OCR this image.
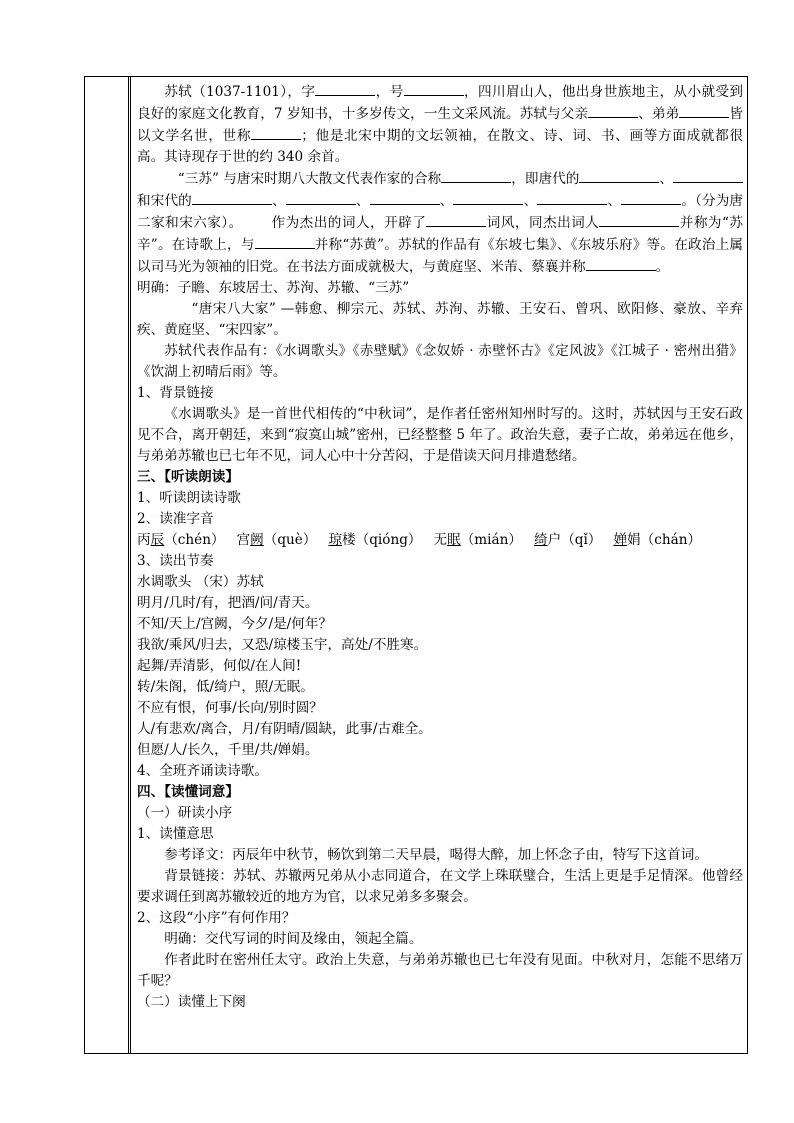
苏轼（1037-1101），字	，号	，四川眉山人，他出身世族地主，从小就受到良好的家庭文化教育，7 岁知书，十多岁传文，一生文采风流。苏轼与父亲	、弟弟	皆以文学名世，世称	；他是北宋中期的文坛领袖，在散文、诗、词、书、画等方面成就都很高。其诗现存于世的约 340 余首。

“三苏” 与唐宋时期八大散文代表作家的合称	，即唐代的	、和宋代的	、	、	、	、	、	。（分为唐二家和宋六家）。 作为杰出的词人，开辟了	词风，同杰出词人	并称为“苏辛”。在诗歌上，与	并称“苏黄”。苏轼的作品有《东坡七集》、《东坡乐府》等。在政治上属以司马光为领袖的旧党。在书法方面成就极大，与黄庭坚、米芾、蔡襄并称	。

明确：子瞻、东坡居士、苏洵、苏辙、“三苏”

“唐宋八大家” —韩愈、柳宗元、苏轼、苏洵、苏辙、王安石、曾巩、欧阳修、豪放、辛弃疾、黄庭坚、“宋四家”。

苏轼代表作品有：《水调歌头》《赤壁赋》《念奴娇 · 赤壁怀古》《定风波》《江城子 · 密州出猎》《饮湖上初晴后雨》等。

1、背景链接

《水调歌头》是一首世代相传的“中秋词”，是作者任密州知州时写的。这时，苏轼因与王安石政见不合，离开朝廷，来到“寂寞山城”密州，已经整整 5 年了。政治失意，妻子亡故，弟弟远在他乡，与弟弟苏辙也已七年不见，词人心中十分苦闷，于是借读天问月排遣愁绪。

三、【听读朗读】

1、听读朗读诗歌

2、读准字音

丙辰（chén） 宫阙（què） 琼楼（qióng） 无眠（mián） 绮户（qǐ） 婵娟（chán）

3、读出节奏

水调歌头 （宋）苏轼

明月/几时/有，把酒/问/青天。

不知/天上/宫阙，今夕/是/何年？

我欲/乘风/归去，又恐/琼楼玉宇，高处/不胜寒。

起舞/弄清影，何似/在人间!

转/朱阁，低/绮户，照/无眠。

不应有恨，何事/长向/别时圆？

人/有悲欢/离合，月/有阴晴/圆缺，此事/古难全。

但愿/人/长久，千里/共/婵娟。

4、全班齐诵读诗歌。

四、【读懂词意】

（一）研读小序

1、读懂意思

参考译文：丙辰年中秋节，畅饮到第二天早晨，喝得大醉，加上怀念子由，特写下这首词。

背景链接：苏轼、苏辙两兄弟从小志同道合，在文学上珠联璧合，生活上更是手足情深。他曾经要求调任到离苏辙较近的地方为官，以求兄弟多多聚会。

2、这段“小序”有何作用？

明确：交代写词的时间及缘由，领起全篇。

作者此时在密州任太守。政治上失意，与弟弟苏辙也已七年没有见面。中秋对月，怎能不思绪万千呢？

（二）读懂上下阕
